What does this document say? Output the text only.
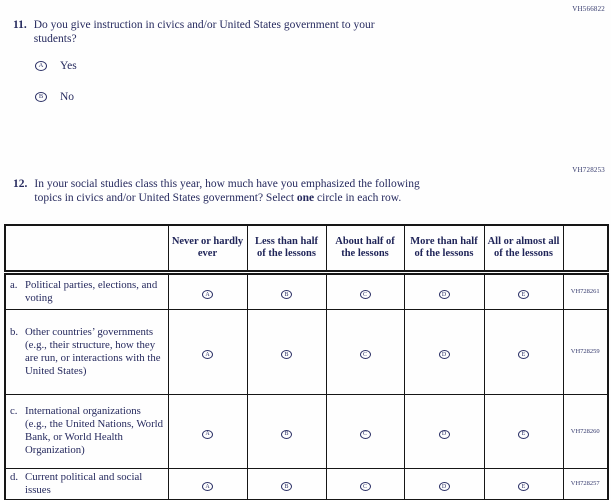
VH566822
11. Do you give instruction in civics and/or United States government to your
students?
A	Yes
B	No
VH728253
12. In your social studies class this year, how much have you emphasized the following
topics in civics and/or United States government? Select one circle in each row.
	Never or hardly ever	Less than half of the lessons	About half of the lessons	More than half of the lessons	All or almost all of the lessons	

a. Political parties, elections, and voting	A	B	C	D	E	VH728261

b. Other countries’ governments (e.g., their structure, how they are run, or interactions with the United States)	A	B	C	D	E	VH728259

c. International organizations (e.g., the United Nations, World Bank, or World Health Organization)	A	B	C	D	E	VH728260

d. Current political and social issues	A	B	C	D	E	VH728257
